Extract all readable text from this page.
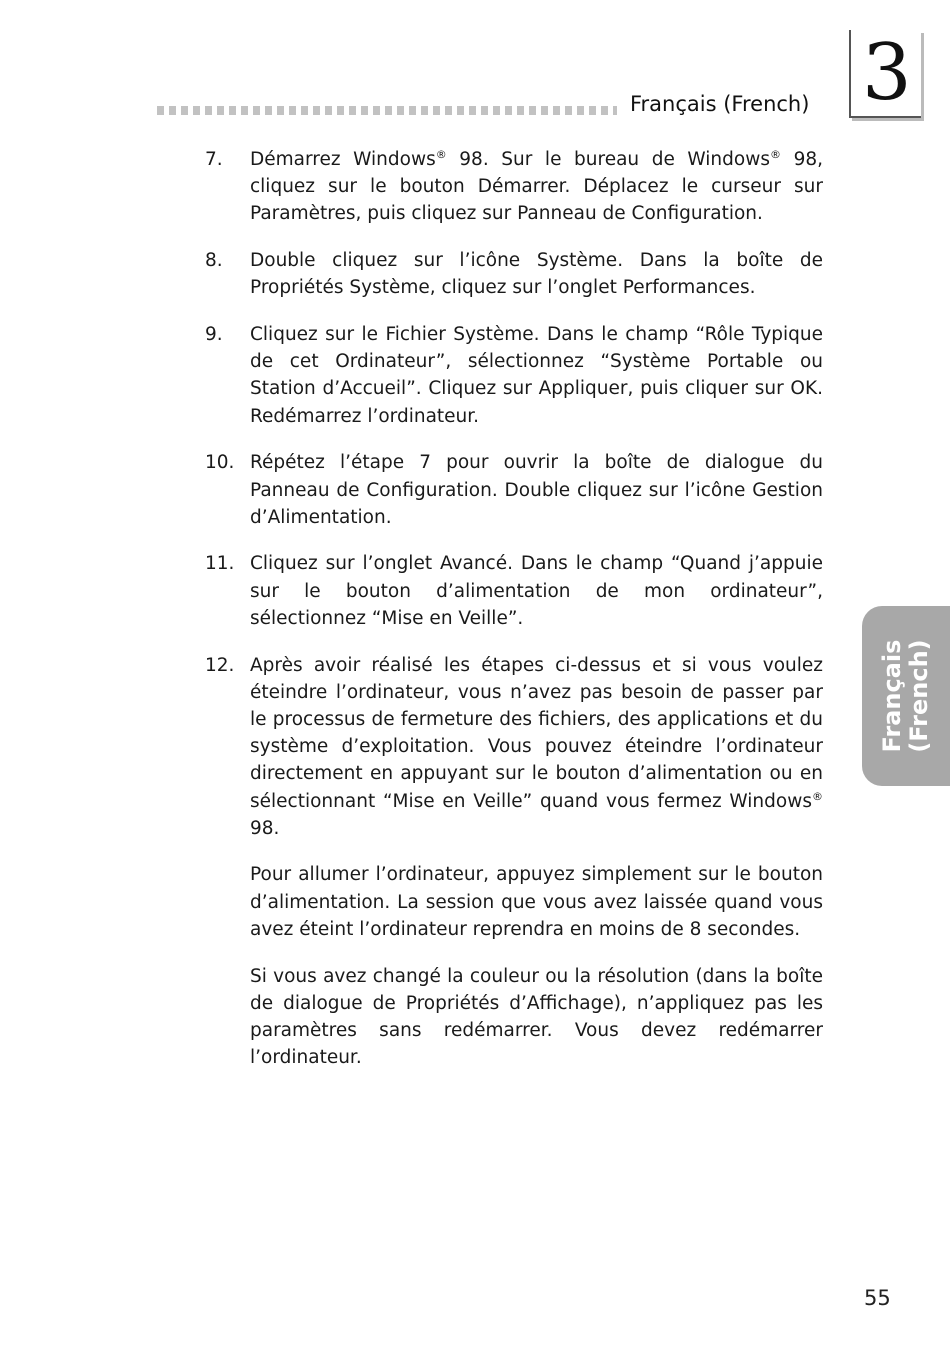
Français (French) 3
Français (French)
7.	Démarrez Windows® 98. Sur le bureau de Windows® 98, cliquez sur le bouton Démarrer. Déplacez le curseur sur Paramètres, puis cliquez sur Panneau de Configuration.
8.	Double cliquez sur l’icône Système. Dans la boîte de Propriétés Système, cliquez sur l’onglet Performances.
9.	Cliquez sur le Fichier Système. Dans le champ “Rôle Typique de cet Ordinateur”, sélectionnez “Système Portable ou Station d’Accueil”. Cliquez sur Appliquer, puis cliquer sur OK. Redémarrez l’ordinateur.
10. Répétez l’étape 7 pour ouvrir la boîte de dialogue du Panneau de Configuration. Double cliquez sur l’icône Gestion d’Alimentation.
11. Cliquez sur l’onglet Avancé. Dans le champ “Quand j’appuie sur le bouton d’alimentation de mon ordinateur”, sélectionnez “Mise en Veille”.
12. Après avoir réalisé les étapes ci-dessus et si vous voulez éteindre l’ordinateur, vous n’avez pas besoin de passer par le processus de fermeture des fichiers, des applications et du système d’exploitation. Vous pouvez éteindre l’ordinateur directement en appuyant sur le bouton d’alimentation ou en sélectionnant “Mise en Veille” quand vous fermez Windows® 98.
Pour allumer l’ordinateur, appuyez simplement sur le bouton d’alimentation. La session que vous avez laissée quand vous avez éteint l’ordinateur reprendra en moins de 8 secondes.
Si vous avez changé la couleur ou la résolution (dans la boîte de dialogue de Propriétés d’Affichage), n’appliquez pas les paramètres sans redémarrer. Vous devez redémarrer l’ordinateur.
55
